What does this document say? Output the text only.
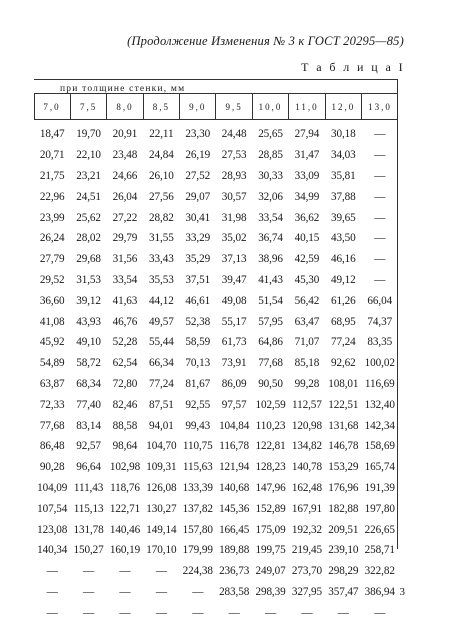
(Продолжение Изменения № 3 к ГОСТ 20295—85)
Т а б л и ц а I
при толщине стенки, мм
7,0	7,5	8,0	8,5	9,0	9,5	10,0	11,0	12,0	13,0
18,47	19,70	20,91	22,11	23,30	24,48	25,65	27,94	30,18	—
20,71	22,10	23,48	24,84	26,19	27,53	28,85	31,47	34,03	—
21,75	23,21	24,66	26,10	27,52	28,93	30,33	33,09	35,81	—
22,96	24,51	26,04	27,56	29,07	30,57	32,06	34,99	37,88	—
23,99	25,62	27,22	28,82	30,41	31,98	33,54	36,62	39,65	—
26,24	28,02	29,79	31,55	33,29	35,02	36,74	40,15	43,50	—
27,79	29,68	31,56	33,43	35,29	37,13	38,96	42,59	46,16	—
29,52	31,53	33,54	35,53	37,51	39,47	41,43	45,30	49,12	—
36,60	39,12	41,63	44,12	46,61	49,08	51,54	56,42	61,26	66,04
41,08	43,93	46,76	49,57	52,38	55,17	57,95	63,47	68,95	74,37
45,92	49,10	52,28	55,44	58,59	61,73	64,86	71,07	77,24	83,35
54,89	58,72	62,54	66,34	70,13	73,91	77,68	85,18	92,62	100,02
63,87	68,34	72,80	77,24	81,67	86,09	90,50	99,28	108,01	116,69
72,33	77,40	82,46	87,51	92,55	97,57	102,59	112,57	122,51	132,40
77,68	83,14	88,58	94,01	99,43	104,84	110,23	120,98	131,68	142,34
86,48	92,57	98,64	104,70	110,75	116,78	122,81	134,82	146,78	158,69
90,28	96,64	102,98	109,31	115,63	121,94	128,23	140,78	153,29	165,74
104,09	111,43	118,76	126,08	133,39	140,68	147,96	162,48	176,96	191,39
107,54	115,13	122,71	130,27	137,82	145,36	152,89	167,91	182,88	197,80
123,08	131,78	140,46	149,14	157,80	166,45	175,09	192,32	209,51	226,65
140,34	150,27	160,19	170,10	179,99	189,88	199,75	219,45	239,10	258,71
—	—	—	—	224,38	236,73	249,07	273,70	298,29	322,82
—	—	—	—	—	283,58	298,39	327,95	357,47	386,94
—	—	—	—	—	—	—	—	—	—
3
